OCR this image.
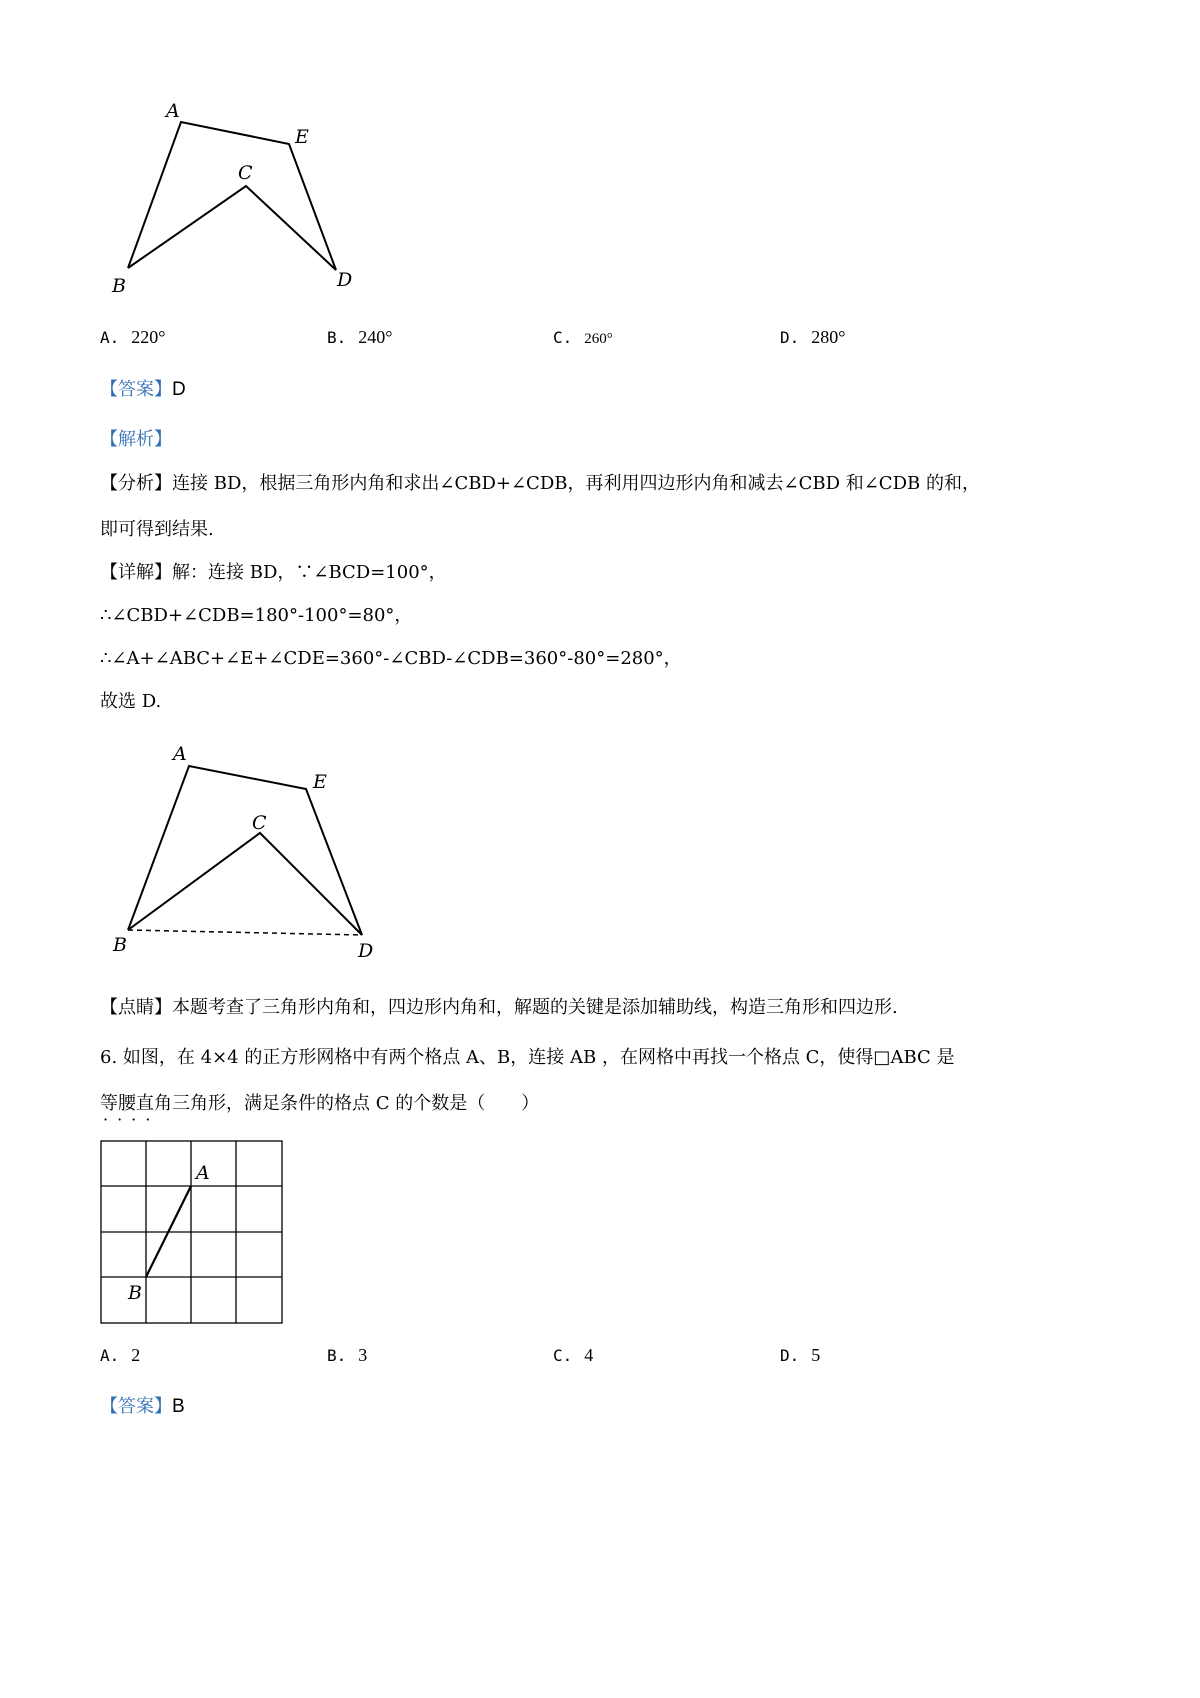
A
E
C
B	D
A. 220°	B. 240°	C. 260°	D. 280°
【答案】D
【解析】
【分析】连接 BD，根据三角形内角和求出∠CBD+∠CDB，再利用四边形内角和减去∠CBD 和∠CDB 的和，
即可得到结果.
【详解】解：连接 BD，∵∠BCD=100°，
∴∠CBD+∠CDB=180°-100°=80°，
∴∠A+∠ABC+∠E+∠CDE=360°-∠CBD-∠CDB=360°-80°=280°，
故选 D.
A
E
C
B	D
【点睛】本题考查了三角形内角和，四边形内角和，解题的关键是添加辅助线，构造三角形和四边形.
6. 如图，在 4×4 的正方形网格中有两个格点 A、B，连接 AB ，在网格中再找一个格点 C，使得□ABC 是
等腰直角三角形，满足条件的格点 C 的个数是（　　）
····
A
B
A. 2	B. 3	C. 4	D. 5
【答案】B
